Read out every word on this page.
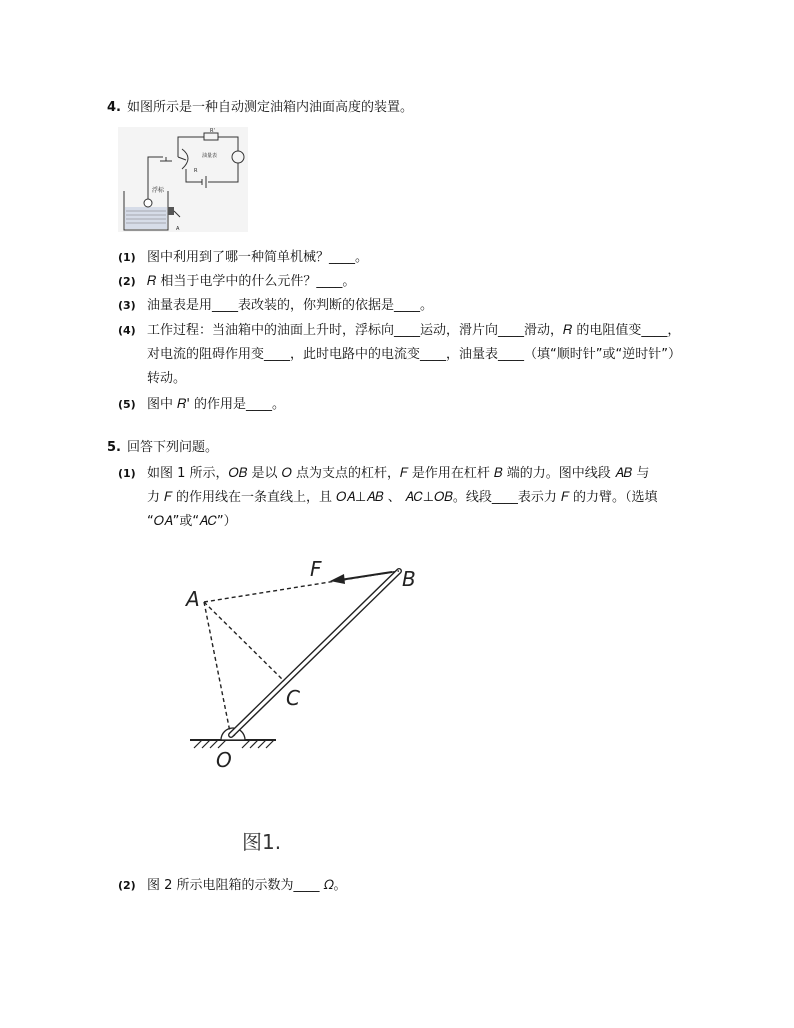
4. 如图所示是一种自动测定油箱内油面高度的装置。
R'
油量表
R
浮标
A
(1) 图中利用到了哪一种简单机械？____。
(2) 𝑅 相当于电学中的什么元件？____。
(3) 油量表是用____表改装的，你判断的依据是____。
(4) 工作过程：当油箱中的油面上升时，浮标向____运动，滑片向____滑动，𝑅 的电阻值变____，
对电流的阻碍作用变____，此时电路中的电流变____，油量表____（填“顺时针”或“逆时针”）
转动。
(5) 图中 𝑅' 的作用是____。
5. 回答下列问题。
(1) 如图 1 所示，𝑂𝐵 是以 𝑂 点为支点的杠杆，𝐹 是作用在杠杆 𝐵 端的力。图中线段 𝐴𝐵 与
力 𝐹 的作用线在一条直线上，且 𝑂𝐴⊥𝐴𝐵 、 𝐴𝐶⊥𝑂𝐵。线段____表示力 𝐹 的力臂。（选填
“𝑂𝐴”或“𝐴𝐶”）
A
B
C
F
O
图1.
(2) 图 2 所示电阻箱的示数为____ 𝛺。
